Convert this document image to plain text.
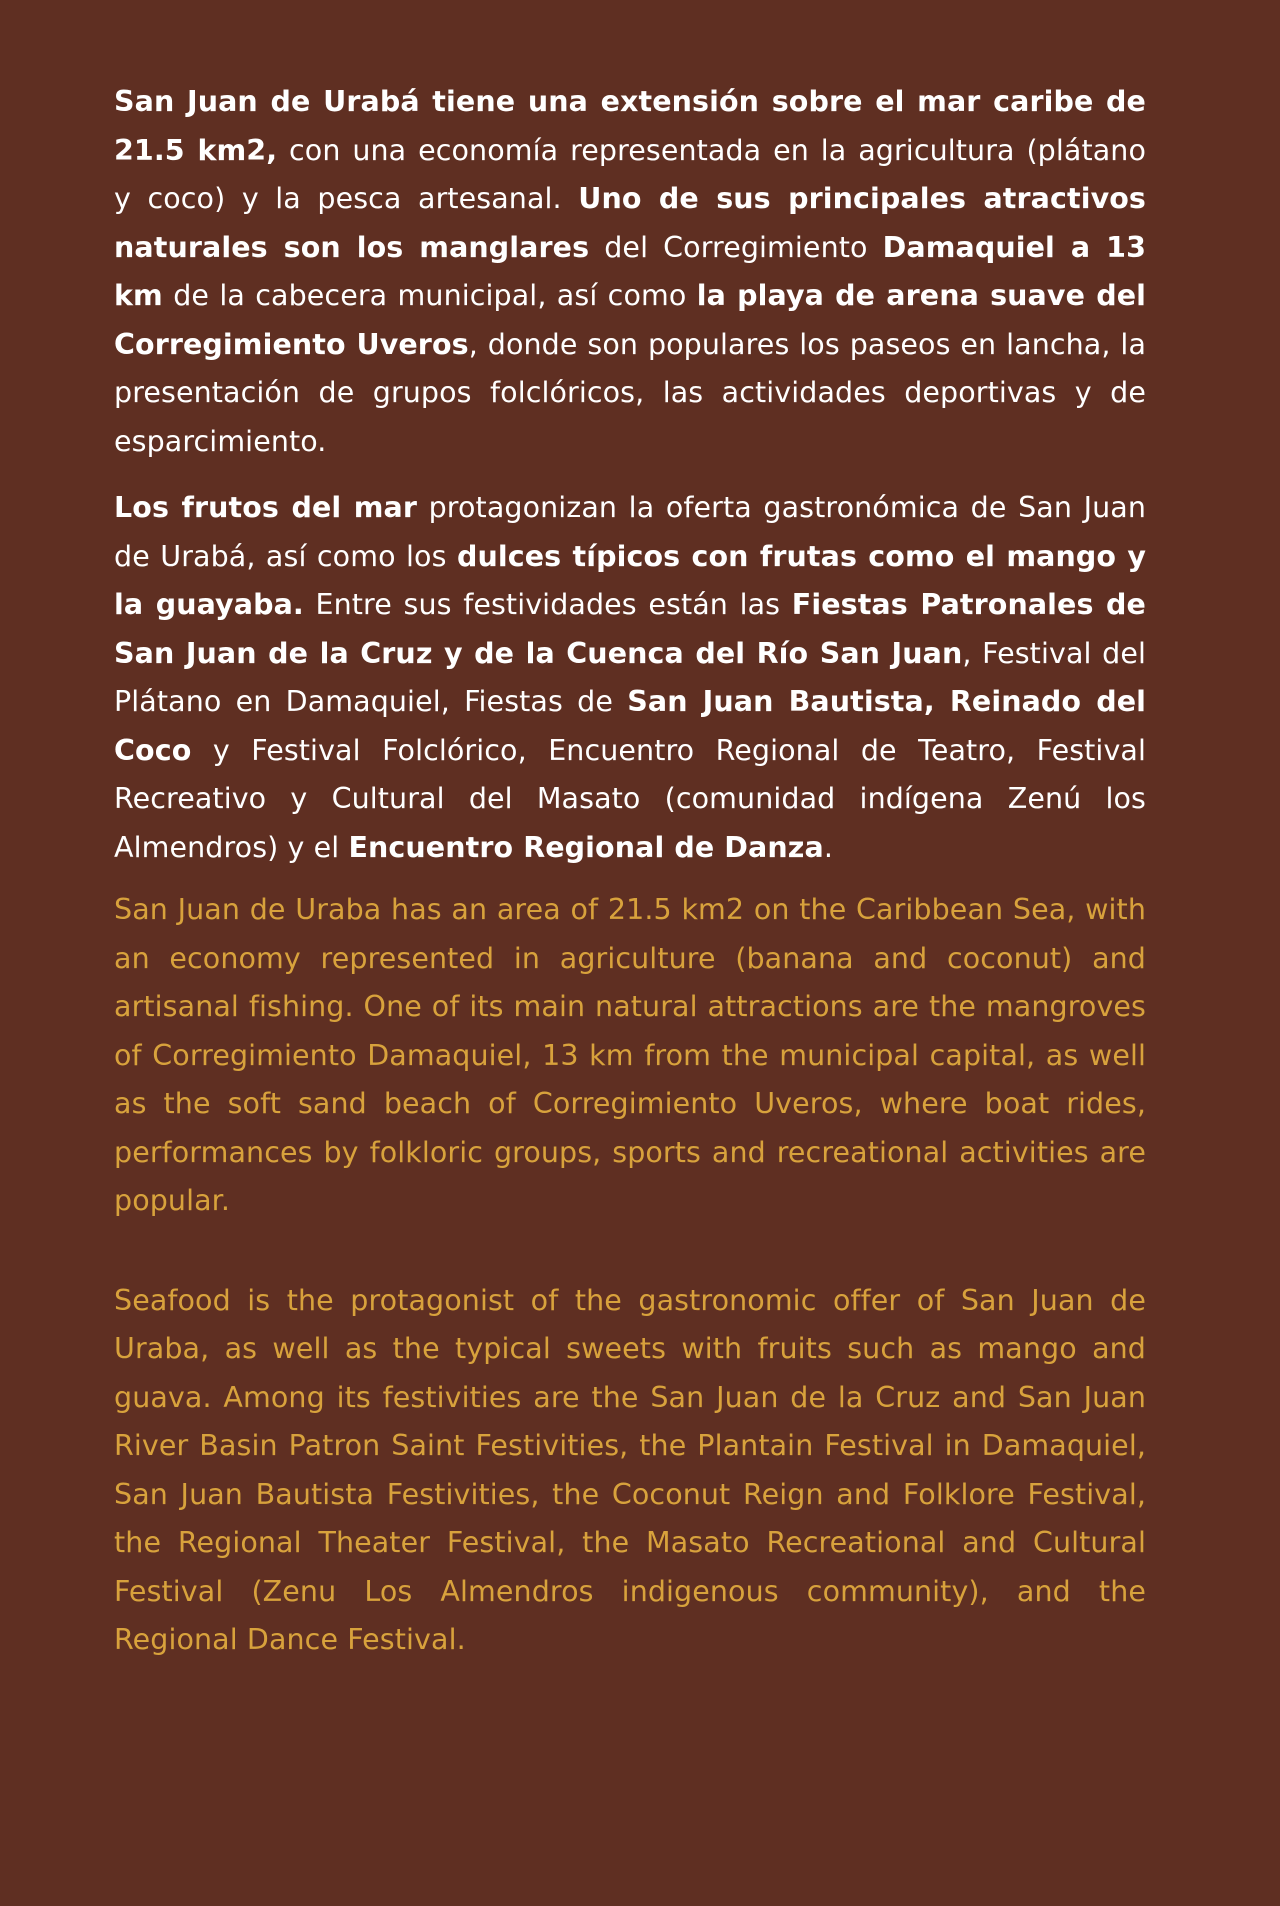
San Juan de Urabá tiene una extensión sobre el mar caribe de 21.5 km2, con una economía representada en la agricultura (plátano y coco) y la pesca artesanal. Uno de sus principales atractivos naturales son los manglares del Corregimiento Damaquiel a 13 km de la cabecera municipal, así como la playa de arena suave del Corregimiento Uveros, donde son populares los paseos en lancha, la presentación de grupos folclóricos, las actividades deportivas y de esparcimiento.

Los frutos del mar protagonizan la oferta gastronómica de San Juan de Urabá, así como los dulces típicos con frutas como el mango y la guayaba. Entre sus festividades están las Fiestas Patronales de San Juan de la Cruz y de la Cuenca del Río San Juan, Festival del Plátano en Damaquiel, Fiestas de San Juan Bautista, Reinado del Coco y Festival Folclórico, Encuentro Regional de Teatro, Festival Recreativo y Cultural del Masato (comunidad indígena Zenú los Almendros) y el Encuentro Regional de Danza.

San Juan de Uraba has an area of 21.5 km2 on the Caribbean Sea, with an economy represented in agriculture (banana and coconut) and artisanal fishing. One of its main natural attractions are the mangroves of Corregimiento Damaquiel, 13 km from the municipal capital, as well as the soft sand beach of Corregimiento Uveros, where boat rides, performances by folkloric groups, sports and recreational activities are popular.

Seafood is the protagonist of the gastronomic offer of San Juan de Uraba, as well as the typical sweets with fruits such as mango and guava. Among its festivities are the San Juan de la Cruz and San Juan River Basin Patron Saint Festivities, the Plantain Festival in Damaquiel, San Juan Bautista Festivities, the Coconut Reign and Folklore Festival, the Regional Theater Festival, the Masato Recreational and Cultural Festival (Zenu Los Almendros indigenous community), and the Regional Dance Festival.
